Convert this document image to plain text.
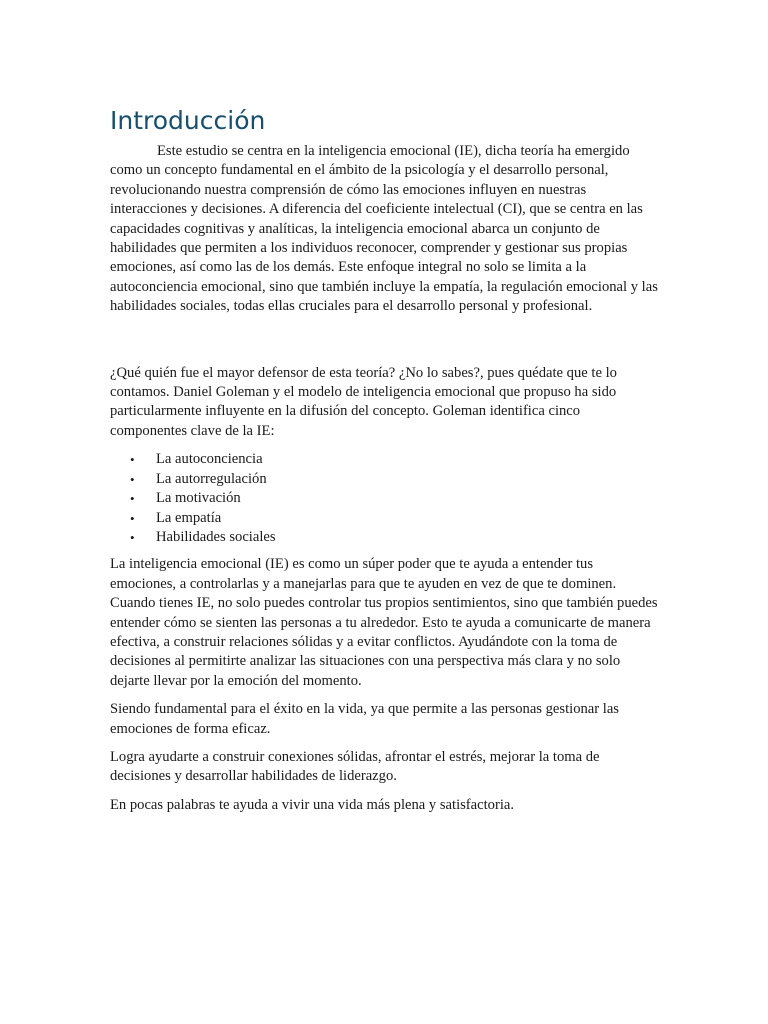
Introducción

Este estudio se centra en la inteligencia emocional (IE), dicha teoría ha emergido como un concepto fundamental en el ámbito de la psicología y el desarrollo personal, revolucionando nuestra comprensión de cómo las emociones influyen en nuestras interacciones y decisiones. A diferencia del coeficiente intelectual (CI), que se centra en las capacidades cognitivas y analíticas, la inteligencia emocional abarca un conjunto de habilidades que permiten a los individuos reconocer, comprender y gestionar sus propias emociones, así como las de los demás. Este enfoque integral no solo se limita a la autoconciencia emocional, sino que también incluye la empatía, la regulación emocional y las habilidades sociales, todas ellas cruciales para el desarrollo personal y profesional.

¿Qué quién fue el mayor defensor de esta teoría? ¿No lo sabes?, pues quédate que te lo contamos. Daniel Goleman y el modelo de inteligencia emocional que propuso ha sido particularmente influyente en la difusión del concepto. Goleman identifica cinco componentes clave de la IE:

• La autoconciencia
• La autorregulación
• La motivación
• La empatía
• Habilidades sociales

La inteligencia emocional (IE) es como un súper poder que te ayuda a entender tus emociones, a controlarlas y a manejarlas para que te ayuden en vez de que te dominen. Cuando tienes IE, no solo puedes controlar tus propios sentimientos, sino que también puedes entender cómo se sienten las personas a tu alrededor. Esto te ayuda a comunicarte de manera efectiva, a construir relaciones sólidas y a evitar conflictos. Ayudándote con la toma de decisiones al permitirte analizar las situaciones con una perspectiva más clara y no solo dejarte llevar por la emoción del momento.

Siendo fundamental para el éxito en la vida, ya que permite a las personas gestionar las emociones de forma eficaz.

Logra ayudarte a construir conexiones sólidas, afrontar el estrés, mejorar la toma de decisiones y desarrollar habilidades de liderazgo.

En pocas palabras te ayuda a vivir una vida más plena y satisfactoria.
